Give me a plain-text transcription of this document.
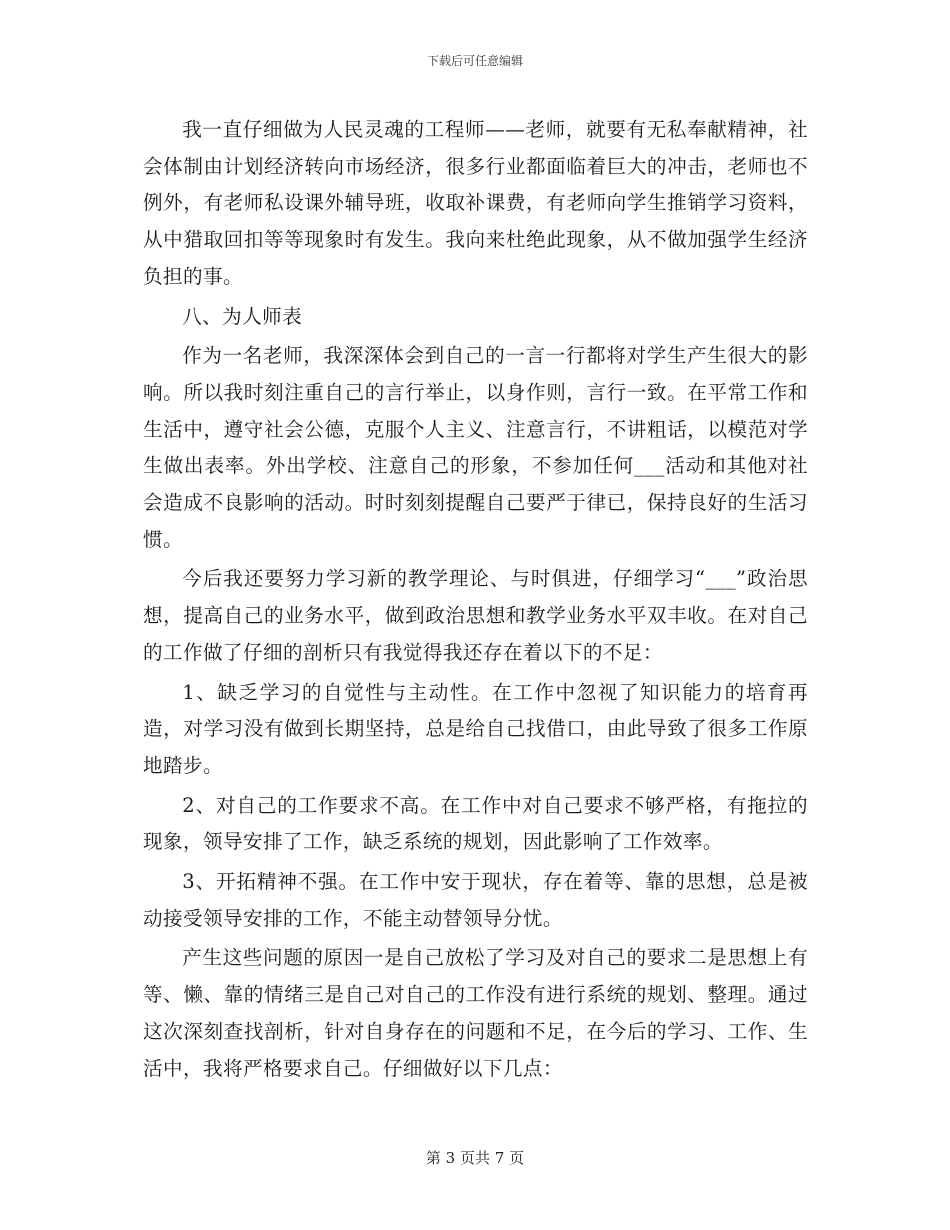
下载后可任意编辑

我一直仔细做为人民灵魂的工程师——老师，就要有无私奉献精神，社会体制由计划经济转向市场经济，很多行业都面临着巨大的冲击，老师也不例外，有老师私设课外辅导班，收取补课费，有老师向学生推销学习资料，从中猎取回扣等等现象时有发生。我向来杜绝此现象，从不做加强学生经济负担的事。

八、为人师表

作为一名老师，我深深体会到自己的一言一行都将对学生产生很大的影响。所以我时刻注重自己的言行举止，以身作则，言行一致。在平常工作和生活中，遵守社会公德，克服个人主义、注意言行，不讲粗话，以模范对学生做出表率。外出学校、注意自己的形象，不参加任何___活动和其他对社会造成不良影响的活动。时时刻刻提醒自己要严于律已，保持良好的生活习惯。

今后我还要努力学习新的教学理论、与时俱进，仔细学习“___”政治思想，提高自己的业务水平，做到政治思想和教学业务水平双丰收。在对自己的工作做了仔细的剖析只有我觉得我还存在着以下的不足：

1、缺乏学习的自觉性与主动性。在工作中忽视了知识能力的培育再造，对学习没有做到长期坚持，总是给自己找借口，由此导致了很多工作原地踏步。

2、对自己的工作要求不高。在工作中对自己要求不够严格，有拖拉的现象，领导安排了工作，缺乏系统的规划，因此影响了工作效率。

3、开拓精神不强。在工作中安于现状，存在着等、靠的思想，总是被动接受领导安排的工作，不能主动替领导分忧。

产生这些问题的原因一是自己放松了学习及对自己的要求二是思想上有等、懒、靠的情绪三是自己对自己的工作没有进行系统的规划、整理。通过这次深刻查找剖析，针对自身存在的问题和不足，在今后的学习、工作、生活中，我将严格要求自己。仔细做好以下几点：

第 3 页共 7 页
